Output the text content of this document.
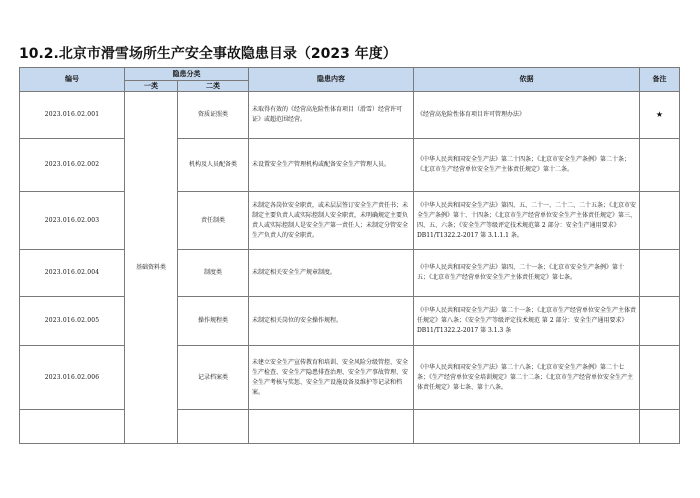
10.2.北京市滑雪场所生产安全事故隐患目录（2023 年度）
编号	隐患分类		隐患内容	依据	备注
	一类	二类			
2023.016.02.001	基础资料类	资质证照类	未取得有效的《经营高危险性体育项目（滑雪）经营许可证》或超范围经营。	《经营高危险性体育项目许可管理办法》	★
2023.016.02.002		机构及人员配备类	未设置安全生产管理机构或配备安全生产管理人员。	《中华人民共和国安全生产法》第二十四条；《北京市安全生产条例》第二十条；《北京市生产经营单位安全生产主体责任规定》第十二条。	
2023.016.02.003		责任制类	未制定各岗位安全职责，或未层层签订安全生产责任书；未制定主要负责人或实际控制人安全职责，未明确规定主要负责人或实际控制人是安全生产第一责任人；未制定分管安全生产负责人的安全职责。	《中华人民共和国安全生产法》第四、五、二十一、二十二、二十五条；《北京市安全生产条例》第十、十四条；《北京市生产经营单位安全生产主体责任规定》第三、四、五、六条；《安全生产等级评定技术规范第 2 部分：安全生产通用要求》DB11/T1322.2-2017 第 3.1.1.1 条。	
2023.016.02.004		制度类	未制定相关安全生产规章制度。	《中华人民共和国安全生产法》第四、二十一条；《北京市安全生产条例》第十五；《北京市生产经营单位安全生产主体责任规定》第七条。	
2023.016.02.005		操作规程类	未制定相关岗位的安全操作规程。	《中华人民共和国安全生产法》第二十一条；《北京市生产经营单位安全生产主体责任规定》第八条；《安全生产等级评定技术规范 第 2 部分：安全生产通用要求》DB11/T1322.2-2017 第 3.1.3 条	
2023.016.02.006		记录档案类	未建立安全生产宣传教育和培训、安全风险分级管控、安全生产检查、安全生产隐患排查治理、安全生产事故管理、安全生产考核与奖惩、安全生产设施设备及维护等记录和档案。	《中华人民共和国安全生产法》第二十八条；《北京市安全生产条例》第二十七条；《生产经营单位安全培训规定》第二十二条；《北京市生产经营单位安全生产主体责任规定》第七条、第十八条。	
